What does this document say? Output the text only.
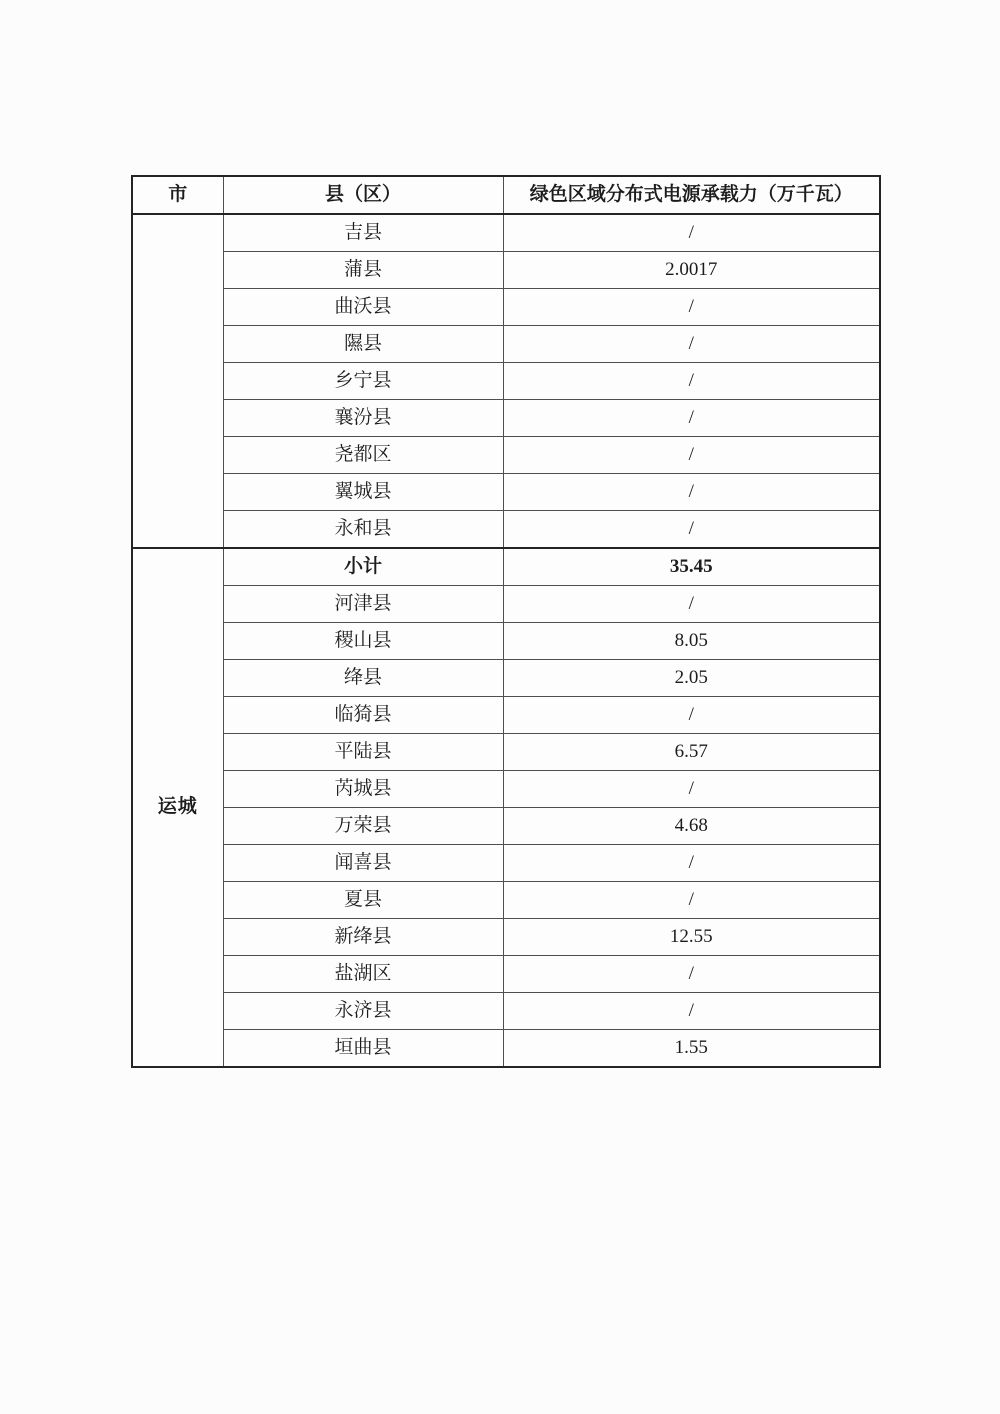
市	县（区）	绿色区域分布式电源承载力（万千瓦）
	吉县	/
	蒲县	2.0017
	曲沃县	/
	隰县	/
	乡宁县	/
	襄汾县	/
	尧都区	/
	翼城县	/
	永和县	/
运城	小计	35.45
	河津县	/
	稷山县	8.05
	绛县	2.05
	临猗县	/
	平陆县	6.57
	芮城县	/
	万荣县	4.68
	闻喜县	/
	夏县	/
	新绛县	12.55
	盐湖区	/
	永济县	/
	垣曲县	1.55
